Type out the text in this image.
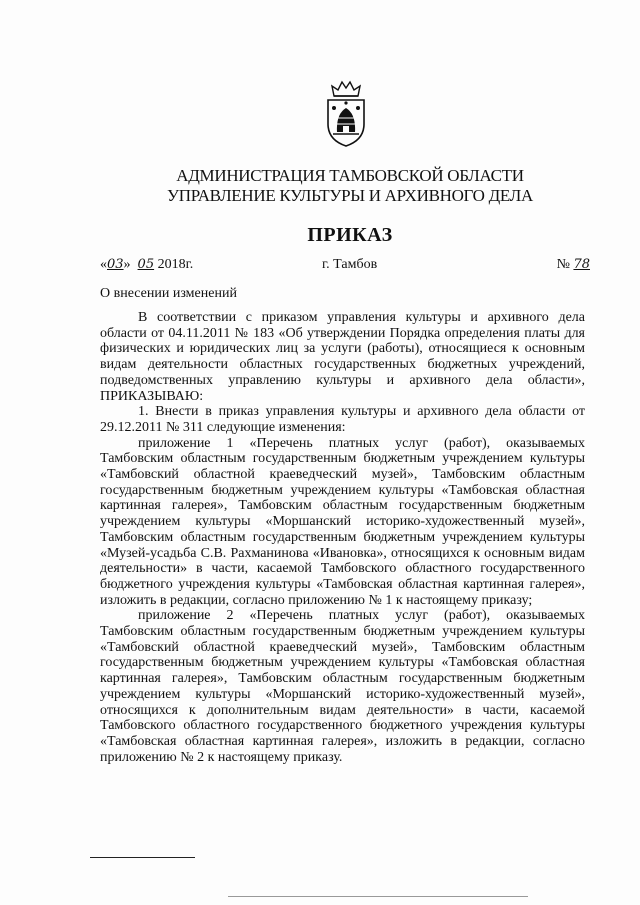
АДМИНИСТРАЦИЯ ТАМБОВСКОЙ ОБЛАСТИ
УПРАВЛЕНИЕ КУЛЬТУРЫ И АРХИВНОГО ДЕЛА
ПРИКАЗ
«03» 05 2018г.	г. Тамбов	№ 78
О внесении изменений

В соответствии с приказом управления культуры и архивного дела области от 04.11.2011 № 183 «Об утверждении Порядка определения платы для физических и юридических лиц за услуги (работы), относящиеся к основным видам деятельности областных государственных бюджетных учреждений, подведомственных управлению культуры и архивного дела области», ПРИКАЗЫВАЮ:

1. Внести в приказ управления культуры и архивного дела области от 29.12.2011 № 311 следующие изменения:

приложение 1 «Перечень платных услуг (работ), оказываемых Тамбовским областным государственным бюджетным учреждением культуры «Тамбовский областной краеведческий музей», Тамбовским областным государственным бюджетным учреждением культуры «Тамбовская областная картинная галерея», Тамбовским областным государственным бюджетным учреждением культуры «Моршанский историко-художественный музей», Тамбовским областным государственным бюджетным учреждением культуры «Музей-усадьба С.В. Рахманинова «Ивановка», относящихся к основным видам деятельности» в части, касаемой Тамбовского областного государственного бюджетного учреждения культуры «Тамбовская областная картинная галерея», изложить в редакции, согласно приложению № 1 к настоящему приказу;

приложение 2 «Перечень платных услуг (работ), оказываемых Тамбовским областным государственным бюджетным учреждением культуры «Тамбовский областной краеведческий музей», Тамбовским областным государственным бюджетным учреждением культуры «Тамбовская областная картинная галерея», Тамбовским областным государственным бюджетным учреждением культуры «Моршанский историко-художественный музей», относящихся к дополнительным видам деятельности» в части, касаемой Тамбовского областного государственного бюджетного учреждения культуры «Тамбовская областная картинная галерея», изложить в редакции, согласно приложению № 2 к настоящему приказу.
